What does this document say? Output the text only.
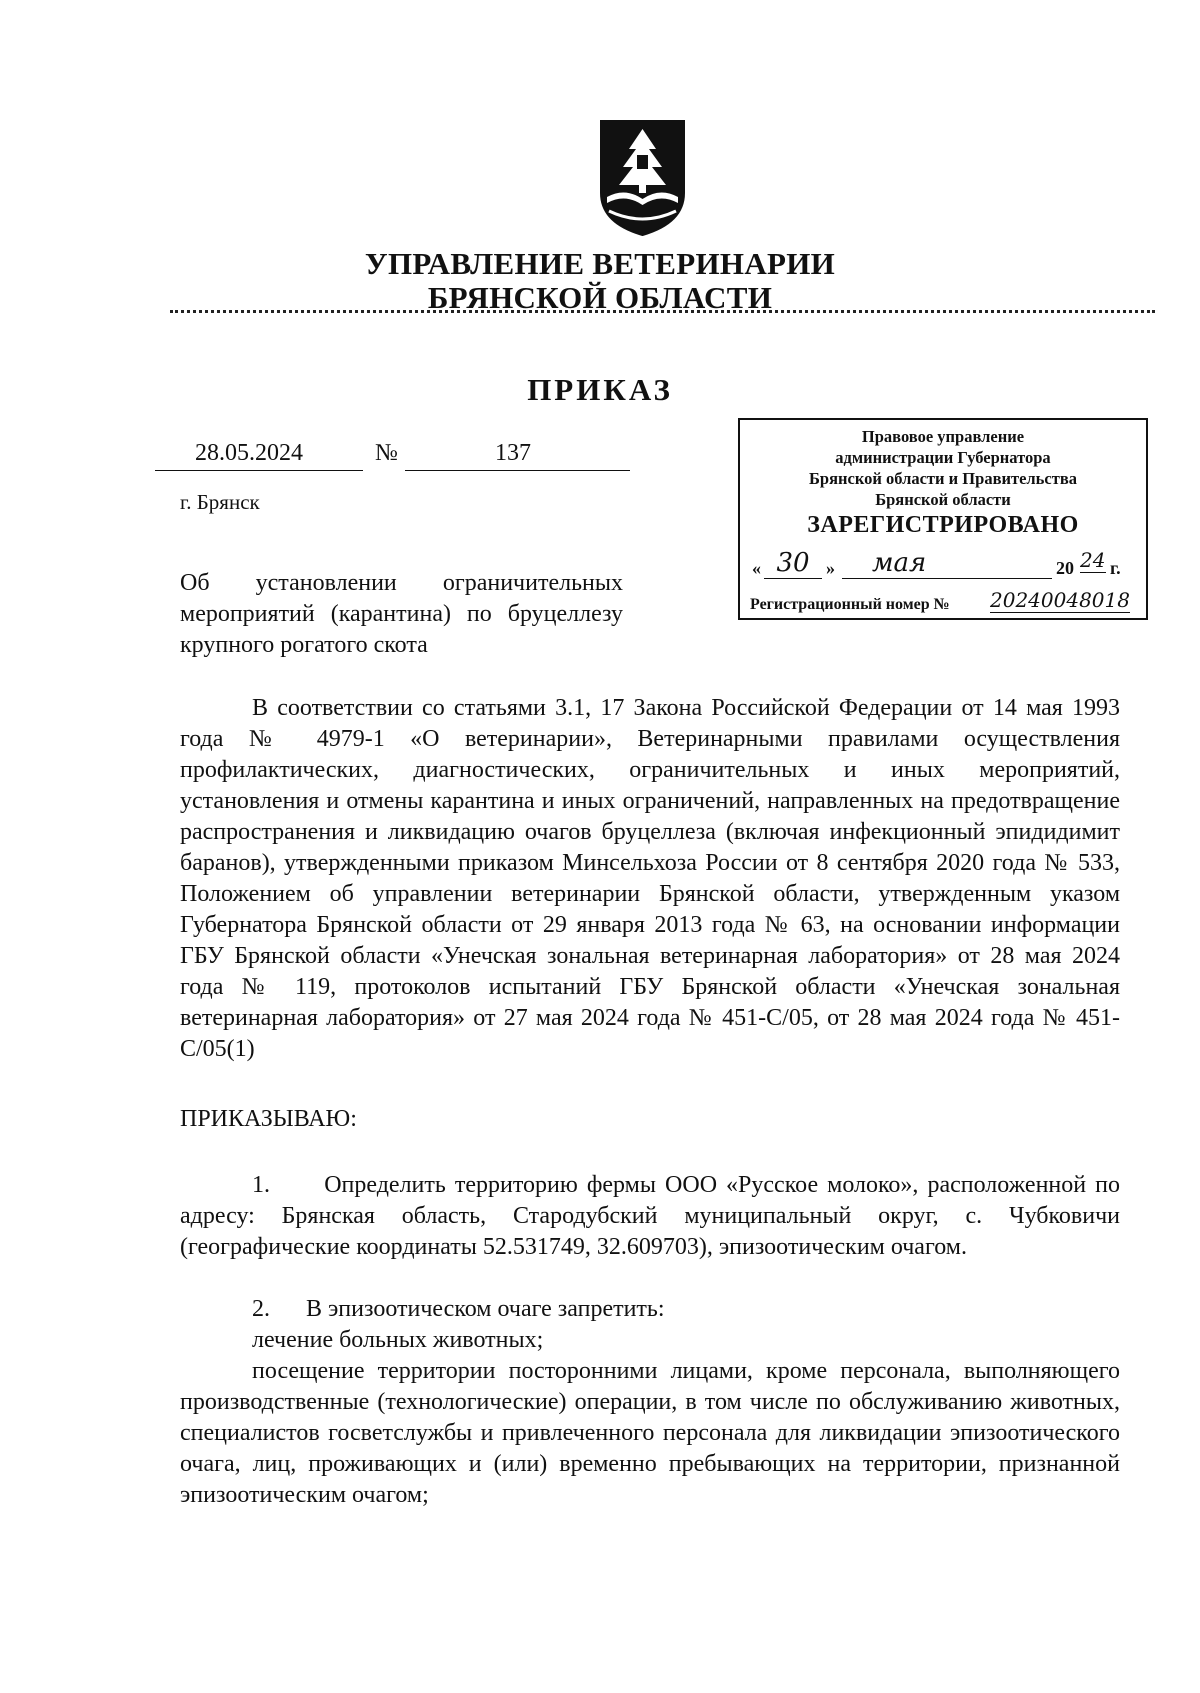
УПРАВЛЕНИЕ ВЕТЕРИНАРИИ
БРЯНСКОЙ ОБЛАСТИ
ПРИКАЗ
28.05.2024	№	137
г. Брянск
Правовое управление
администрации Губернатора
Брянской области и Правительства
Брянской области
ЗАРЕГИСТРИРОВАНО
« 30 »	мая	20 24 г.
Регистрационный номер № 20240048018
Об установлении ограничительных мероприятий (карантина) по бруцеллезу крупного рогатого скота
В соответствии со статьями 3.1, 17 Закона Российской Федерации от 14 мая 1993 года № 4979-1 «О ветеринарии», Ветеринарными правилами осуществления профилактических, диагностических, ограничительных и иных мероприятий, установления и отмены карантина и иных ограничений, направленных на предотвращение распространения и ликвидацию очагов бруцеллеза (включая инфекционный эпидидимит баранов), утвержденными приказом Минсельхоза России от 8 сентября 2020 года № 533, Положением об управлении ветеринарии Брянской области, утвержденным указом Губернатора Брянской области от 29 января 2013 года № 63, на основании информации ГБУ Брянской области «Унечская зональная ветеринарная лаборатория» от 28 мая 2024 года № 119, протоколов испытаний ГБУ Брянской области «Унечская зональная ветеринарная лаборатория» от 27 мая 2024 года № 451-С/05, от 28 мая 2024 года № 451-С/05(1)
ПРИКАЗЫВАЮ:
1.      Определить территорию фермы ООО «Русское молоко», расположенной по адресу: Брянская область, Стародубский муниципальный округ, с. Чубковичи (географические координаты 52.531749, 32.609703), эпизоотическим очагом.
2.      В эпизоотическом очаге запретить:
лечение больных животных;
посещение территории посторонними лицами, кроме персонала, выполняющего производственные (технологические) операции, в том числе по обслуживанию животных, специалистов госветслужбы и привлеченного персонала для ликвидации эпизоотического очага, лиц, проживающих и (или) временно пребывающих на территории, признанной эпизоотическим очагом;
